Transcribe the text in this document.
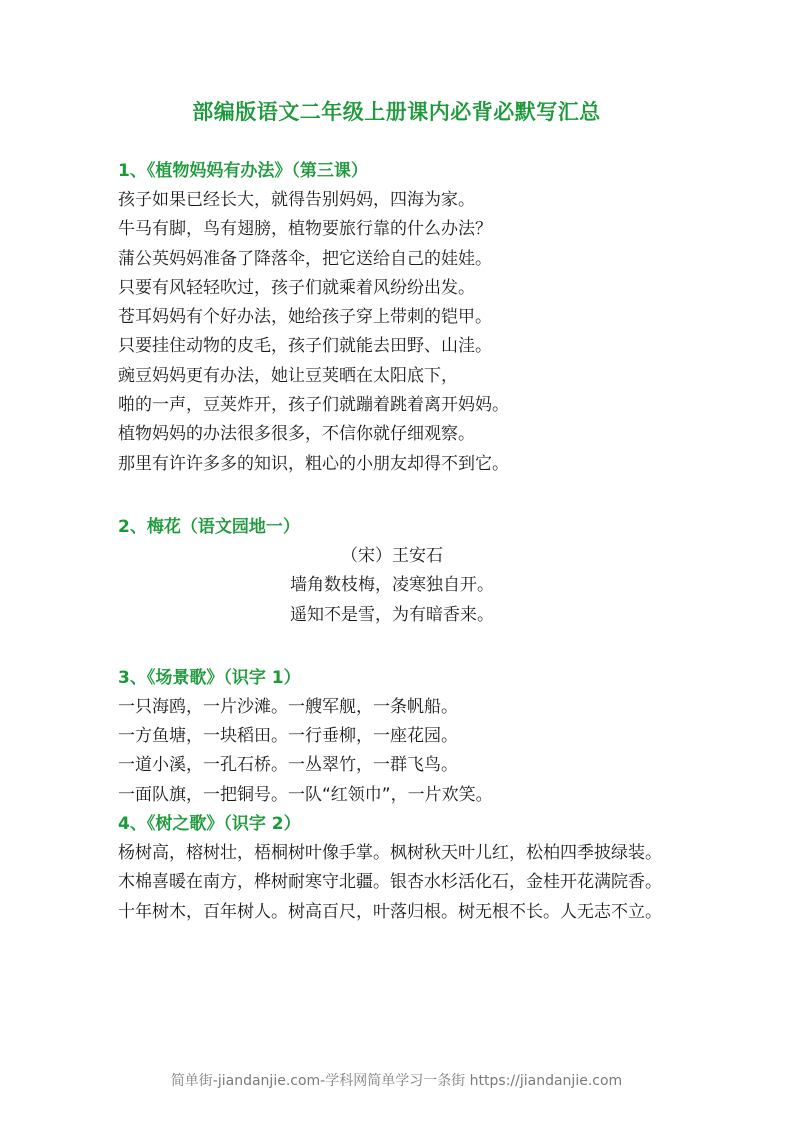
部编版语文二年级上册课内必背必默写汇总
1、《植物妈妈有办法》（第三课）
孩子如果已经长大，就得告别妈妈，四海为家。
牛马有脚，鸟有翅膀，植物要旅行靠的什么办法？
蒲公英妈妈准备了降落伞，把它送给自己的娃娃。
只要有风轻轻吹过，孩子们就乘着风纷纷出发。
苍耳妈妈有个好办法，她给孩子穿上带刺的铠甲。
只要挂住动物的皮毛，孩子们就能去田野、山洼。
豌豆妈妈更有办法，她让豆荚晒在太阳底下，
啪的一声，豆荚炸开，孩子们就蹦着跳着离开妈妈。
植物妈妈的办法很多很多，不信你就仔细观察。
那里有许许多多的知识，粗心的小朋友却得不到它。
2、梅花（语文园地一）
（宋）王安石
墙角数枝梅，凌寒独自开。
遥知不是雪，为有暗香来。
3、《场景歌》（识字 1）
一只海鸥，一片沙滩。一艘军舰，一条帆船。
一方鱼塘，一块稻田。一行垂柳，一座花园。
一道小溪，一孔石桥。一丛翠竹，一群飞鸟。
一面队旗，一把铜号。一队“红领巾”，一片欢笑。
4、《树之歌》（识字 2）
杨树高，榕树壮，梧桐树叶像手掌。枫树秋天叶儿红，松柏四季披绿装。
木棉喜暖在南方，桦树耐寒守北疆。银杏水杉活化石，金桂开花满院香。
十年树木，百年树人。树高百尺，叶落归根。树无根不长。人无志不立。
简单街-jiandanjie.com-学科网简单学习一条街 https://jiandanjie.com
